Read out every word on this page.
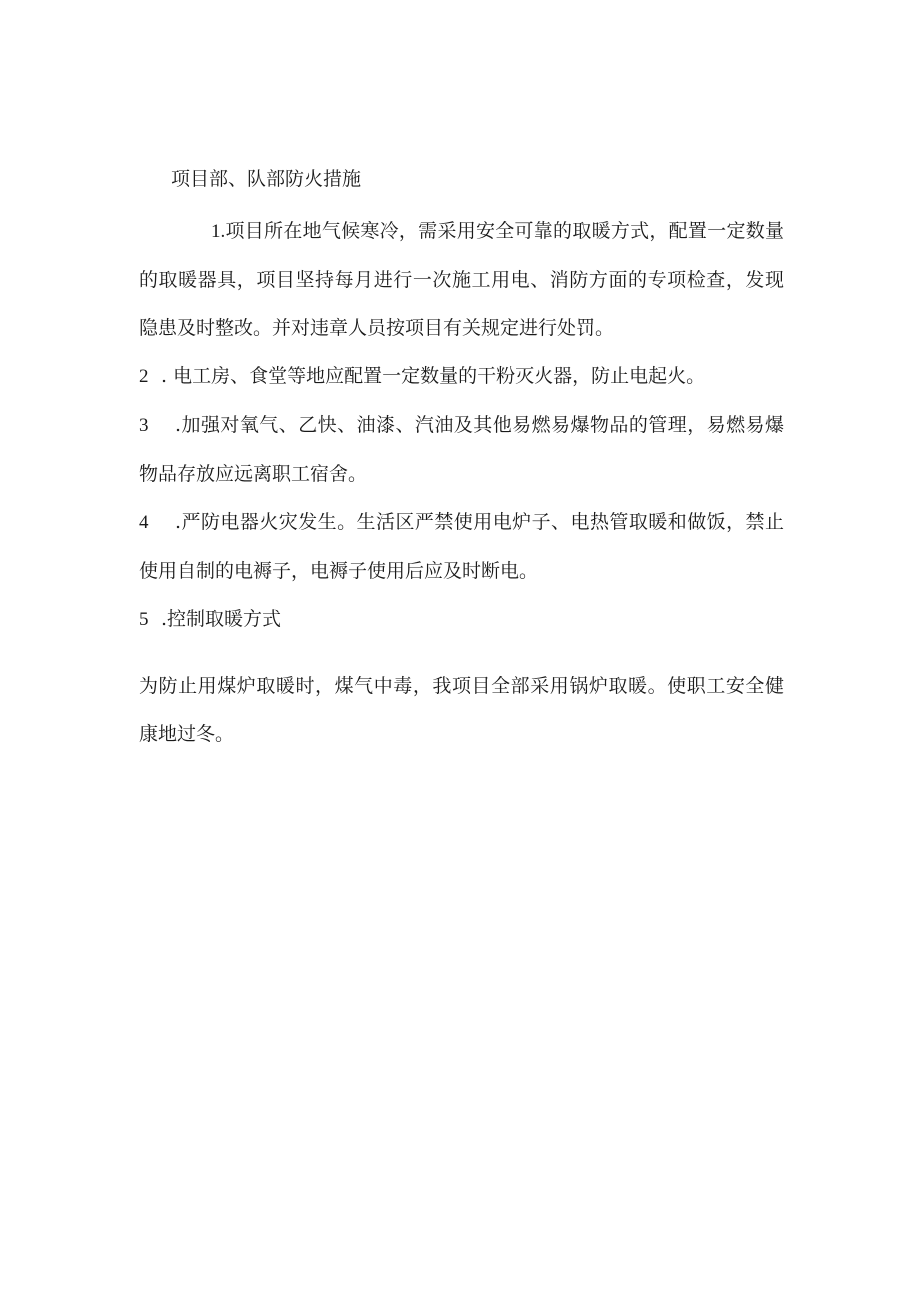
项目部、队部防火措施

1.项目所在地气候寒冷，需采用安全可靠的取暖方式，配置一定数量的取暖器具，项目坚持每月进行一次施工用电、消防方面的专项检查，发现隐患及时整改。并对违章人员按项目有关规定进行处罚。

2 . 电工房、食堂等地应配置一定数量的干粉灭火器，防止电起火。

3 .加强对氧气、乙快、油漆、汽油及其他易燃易爆物品的管理，易燃易爆物品存放应远离职工宿舍。

4 .严防电器火灾发生。生活区严禁使用电炉子、电热管取暖和做饭，禁止使用自制的电褥子，电褥子使用后应及时断电。

5 .控制取暖方式

为防止用煤炉取暖时，煤气中毒，我项目全部采用锅炉取暖。使职工安全健康地过冬。
